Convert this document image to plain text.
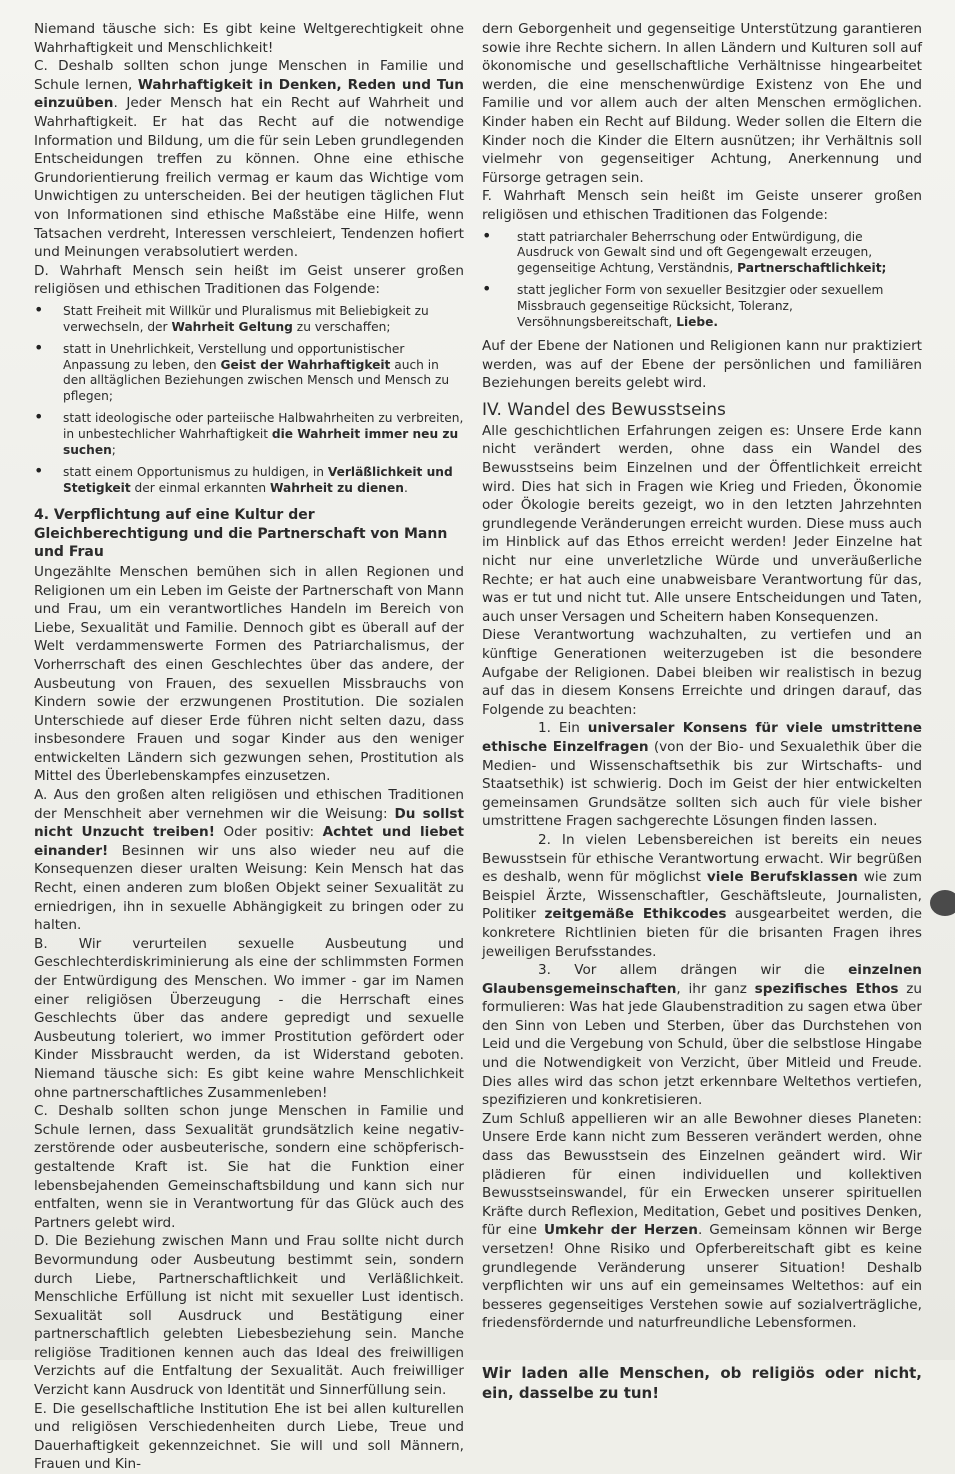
Niemand täusche sich: Es gibt keine Weltgerechtigkeit ohne Wahrhaftigkeit und Menschlichkeit!

C. Deshalb sollten schon junge Menschen in Familie und Schule lernen, Wahrhaftigkeit in Denken, Reden und Tun einzuüben. Jeder Mensch hat ein Recht auf Wahrheit und Wahrhaftigkeit. Er hat das Recht auf die notwendige Information und Bildung, um die für sein Leben grundlegenden Entscheidungen treffen zu können. Ohne eine ethische Grundorientierung freilich vermag er kaum das Wichtige vom Unwichtigen zu unterscheiden. Bei der heutigen täglichen Flut von Informationen sind ethische Maßstäbe eine Hilfe, wenn Tatsachen verdreht, Interessen verschleiert, Tendenzen hofiert und Meinungen verabsolutiert werden.

D. Wahrhaft Mensch sein heißt im Geist unserer großen religiösen und ethischen Traditionen das Folgende:

• Statt Freiheit mit Willkür und Pluralismus mit Beliebigkeit zu verwechseln, der Wahrheit Geltung zu verschaffen;
• statt in Unehrlichkeit, Verstellung und opportunistischer Anpassung zu leben, den Geist der Wahrhaftigkeit auch in den alltäglichen Beziehungen zwischen Mensch und Mensch zu pflegen;
• statt ideologische oder parteiische Halbwahrheiten zu verbreiten, in unbestechlicher Wahrhaftigkeit die Wahrheit immer neu zu suchen;
• statt einem Opportunismus zu huldigen, in Verläßlichkeit und Stetigkeit der einmal erkannten Wahrheit zu dienen.
4. Verpflichtung auf eine Kultur der Gleichberechtigung und die Partnerschaft von Mann und Frau

Ungezählte Menschen bemühen sich in allen Regionen und Religionen um ein Leben im Geiste der Partnerschaft von Mann und Frau, um ein verantwortliches Handeln im Bereich von Liebe, Sexualität und Familie. Dennoch gibt es überall auf der Welt verdammenswerte Formen des Patriarchalismus, der Vorherrschaft des einen Geschlechtes über das andere, der Ausbeutung von Frauen, des sexuellen Missbrauchs von Kindern sowie der erzwungenen Prostitution. Die sozialen Unterschiede auf dieser Erde führen nicht selten dazu, dass insbesondere Frauen und sogar Kinder aus den weniger entwickelten Ländern sich gezwungen sehen, Prostitution als Mittel des Überlebenskampfes einzusetzen.

A. Aus den großen alten religiösen und ethischen Traditionen der Menschheit aber vernehmen wir die Weisung: Du sollst nicht Unzucht treiben! Oder positiv: Achtet und liebet einander! Besinnen wir uns also wieder neu auf die Konsequenzen dieser uralten Weisung: Kein Mensch hat das Recht, einen anderen zum bloßen Objekt seiner Sexualität zu erniedrigen, ihn in sexuelle Abhängigkeit zu bringen oder zu halten.

B. Wir verurteilen sexuelle Ausbeutung und Geschlechterdiskriminierung als eine der schlimmsten Formen der Entwürdigung des Menschen. Wo immer - gar im Namen einer religiösen Überzeugung - die Herrschaft eines Geschlechts über das andere gepredigt und sexuelle Ausbeutung toleriert, wo immer Prostitution gefördert oder Kinder Missbraucht werden, da ist Widerstand geboten. Niemand täusche sich: Es gibt keine wahre Menschlichkeit ohne partnerschaftliches Zusammenleben!

C. Deshalb sollten schon junge Menschen in Familie und Schule lernen, dass Sexualität grundsätzlich keine negativ-zerstörende oder ausbeuterische, sondern eine schöpferisch-gestaltende Kraft ist. Sie hat die Funktion einer lebensbejahenden Gemeinschaftsbildung und kann sich nur entfalten, wenn sie in Verantwortung für das Glück auch des Partners gelebt wird.

D. Die Beziehung zwischen Mann und Frau sollte nicht durch Bevormundung oder Ausbeutung bestimmt sein, sondern durch Liebe, Partnerschaftlichkeit und Verläßlichkeit. Menschliche Erfüllung ist nicht mit sexueller Lust identisch. Sexualität soll Ausdruck und Bestätigung einer partnerschaftlich gelebten Liebesbeziehung sein. Manche religiöse Traditionen kennen auch das Ideal des freiwilligen Verzichts auf die Entfaltung der Sexualität. Auch freiwilliger Verzicht kann Ausdruck von Identität und Sinnerfüllung sein.

E. Die gesellschaftliche Institution Ehe ist bei allen kulturellen und religiösen Verschiedenheiten durch Liebe, Treue und Dauerhaftigkeit gekennzeichnet. Sie will und soll Männern, Frauen und Kin-

dern Geborgenheit und gegenseitige Unterstützung garantieren sowie ihre Rechte sichern. In allen Ländern und Kulturen soll auf ökonomische und gesellschaftliche Verhältnisse hingearbeitet werden, die eine menschenwürdige Existenz von Ehe und Familie und vor allem auch der alten Menschen ermöglichen. Kinder haben ein Recht auf Bildung. Weder sollen die Eltern die Kinder noch die Kinder die Eltern ausnützen; ihr Verhältnis soll vielmehr von gegenseitiger Achtung, Anerkennung und Fürsorge getragen sein.

F. Wahrhaft Mensch sein heißt im Geiste unserer großen religiösen und ethischen Traditionen das Folgende:

• statt patriarchaler Beherrschung oder Entwürdigung, die Ausdruck von Gewalt sind und oft Gegengewalt erzeugen, gegenseitige Achtung, Verständnis, Partnerschaftlichkeit;
• statt jeglicher Form von sexueller Besitzgier oder sexuellem Missbrauch gegenseitige Rücksicht, Toleranz, Versöhnungsbereitschaft, Liebe.

Auf der Ebene der Nationen und Religionen kann nur praktiziert werden, was auf der Ebene der persönlichen und familiären Beziehungen bereits gelebt wird.

IV. Wandel des Bewusstseins

Alle geschichtlichen Erfahrungen zeigen es: Unsere Erde kann nicht verändert werden, ohne dass ein Wandel des Bewusstseins beim Einzelnen und der Öffentlichkeit erreicht wird. Dies hat sich in Fragen wie Krieg und Frieden, Ökonomie oder Ökologie bereits gezeigt, wo in den letzten Jahrzehnten grundlegende Veränderungen erreicht wurden. Diese muss auch im Hinblick auf das Ethos erreicht werden! Jeder Einzelne hat nicht nur eine unverletzliche Würde und unveräußerliche Rechte; er hat auch eine unabweisbare Verantwortung für das, was er tut und nicht tut. Alle unsere Entscheidungen und Taten, auch unser Versagen und Scheitern haben Konsequenzen.

Diese Verantwortung wachzuhalten, zu vertiefen und an künftige Generationen weiterzugeben ist die besondere Aufgabe der Religionen. Dabei bleiben wir realistisch in bezug auf das in diesem Konsens Erreichte und dringen darauf, das Folgende zu beachten:

1. Ein universaler Konsens für viele umstrittene ethische Einzelfragen (von der Bio- und Sexualethik über die Medien- und Wissenschaftsethik bis zur Wirtschafts- und Staatsethik) ist schwierig. Doch im Geist der hier entwickelten gemeinsamen Grundsätze sollten sich auch für viele bisher umstrittene Fragen sachgerechte Lösungen finden lassen.

2. In vielen Lebensbereichen ist bereits ein neues Bewusstsein für ethische Verantwortung erwacht. Wir begrüßen es deshalb, wenn für möglichst viele Berufsklassen wie zum Beispiel Ärzte, Wissenschaftler, Geschäftsleute, Journalisten, Politiker zeitgemäße Ethikcodes ausgearbeitet werden, die konkretere Richtlinien bieten für die brisanten Fragen ihres jeweiligen Berufsstandes.

3. Vor allem drängen wir die einzelnen Glaubensgemeinschaften, ihr ganz spezifisches Ethos zu formulieren: Was hat jede Glaubenstradition zu sagen etwa über den Sinn von Leben und Sterben, über das Durchstehen von Leid und die Vergebung von Schuld, über die selbstlose Hingabe und die Notwendigkeit von Verzicht, über Mitleid und Freude. Dies alles wird das schon jetzt erkennbare Weltethos vertiefen, spezifizieren und konkretisieren.

Zum Schluß appellieren wir an alle Bewohner dieses Planeten: Unsere Erde kann nicht zum Besseren verändert werden, ohne dass das Bewusstsein des Einzelnen geändert wird. Wir plädieren für einen individuellen und kollektiven Bewusstseinswandel, für ein Erwecken unserer spirituellen Kräfte durch Reflexion, Meditation, Gebet und positives Denken, für eine Umkehr der Herzen. Gemeinsam können wir Berge versetzen! Ohne Risiko und Opferbereitschaft gibt es keine grundlegende Veränderung unserer Situation! Deshalb verpflichten wir uns auf ein gemeinsames Weltethos: auf ein besseres gegenseitiges Verstehen sowie auf sozialverträgliche, friedensfördernde und naturfreundliche Lebensformen.

Wir laden alle Menschen, ob religiös oder nicht, ein, dasselbe zu tun!
